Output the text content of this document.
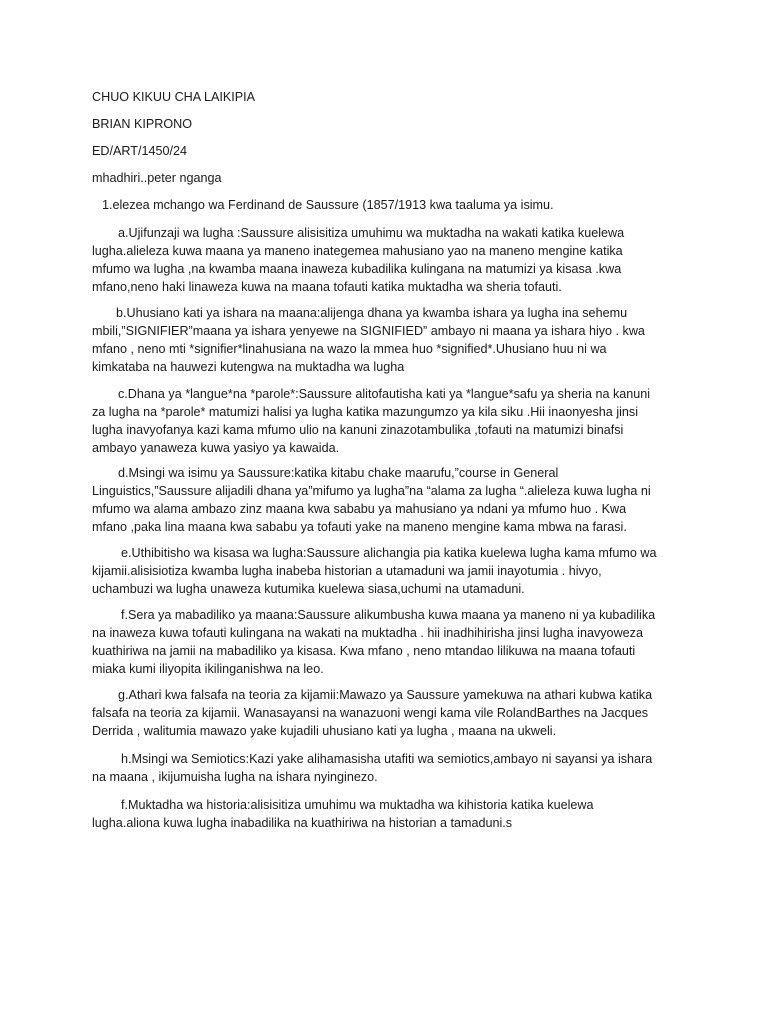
CHUO KIKUU CHA LAIKIPIA
BRIAN KIPRONO
ED/ART/1450/24
mhadhiri..peter nganga
1.elezea mchango wa Ferdinand de Saussure (1857/1913 kwa taaluma ya isimu.
a.Ujifunzaji wa lugha :Saussure alisisitiza umuhimu wa muktadha na wakati katika kuelewa
lugha.alieleza kuwa maana ya maneno inategemea mahusiano yao na maneno mengine katika
mfumo wa lugha ,na kwamba maana inaweza kubadilika kulingana na matumizi ya kisasa .kwa
mfano,neno haki linaweza kuwa na maana tofauti katika muktadha wa sheria tofauti.
b.Uhusiano kati ya ishara na maana:alijenga dhana ya kwamba ishara ya lugha ina sehemu
mbili,”SIGNIFIER”maana ya ishara yenyewe na SIGNIFIED” ambayo ni maana ya ishara hiyo . kwa
mfano , neno mti *signifier*linahusiana na wazo la mmea huo *signified*.Uhusiano huu ni wa
kimkataba na hauwezi kutengwa na muktadha wa lugha
c.Dhana ya *langue*na *parole*:Saussure alitofautisha kati ya *langue*safu ya sheria na kanuni
za lugha na *parole* matumizi halisi ya lugha katika mazungumzo ya kila siku .Hii inaonyesha jinsi
lugha inavyofanya kazi kama mfumo ulio na kanuni zinazotambulika ,tofauti na matumizi binafsi
ambayo yanaweza kuwa yasiyo ya kawaida.
d.Msingi wa isimu ya Saussure:katika kitabu chake maarufu,”course in General
Linguistics,”Saussure alijadili dhana ya”mifumo ya lugha”na “alama za lugha “.alieleza kuwa lugha ni
mfumo wa alama ambazo zinz maana kwa sababu ya mahusiano ya ndani ya mfumo huo . Kwa
mfano ,paka lina maana kwa sababu ya tofauti yake na maneno mengine kama mbwa na farasi.
e.Uthibitisho wa kisasa wa lugha:Saussure alichangia pia katika kuelewa lugha kama mfumo wa
kijamii.alisisiotiza kwamba lugha inabeba historian a utamaduni wa jamii inayotumia . hivyo,
uchambuzi wa lugha unaweza kutumika kuelewa siasa,uchumi na utamaduni.
f.Sera ya mabadiliko ya maana:Saussure alikumbusha kuwa maana ya maneno ni ya kubadilika
na inaweza kuwa tofauti kulingana na wakati na muktadha . hii inadhihirisha jinsi lugha inavyoweza
kuathiriwa na jamii na mabadiliko ya kisasa. Kwa mfano , neno mtandao lilikuwa na maana tofauti
miaka kumi iliyopita ikilinganishwa na leo.
g.Athari kwa falsafa na teoria za kijamii:Mawazo ya Saussure yamekuwa na athari kubwa katika
falsafa na teoria za kijamii. Wanasayansi na wanazuoni wengi kama vile RolandBarthes na Jacques
Derrida , walitumia mawazo yake kujadili uhusiano kati ya lugha , maana na ukweli.
h.Msingi wa Semiotics:Kazi yake alihamasisha utafiti wa semiotics,ambayo ni sayansi ya ishara
na maana , ikijumuisha lugha na ishara nyinginezo.
f.Muktadha wa historia:alisisitiza umuhimu wa muktadha wa kihistoria katika kuelewa
lugha.aliona kuwa lugha inabadilika na kuathiriwa na historian a tamaduni.s
